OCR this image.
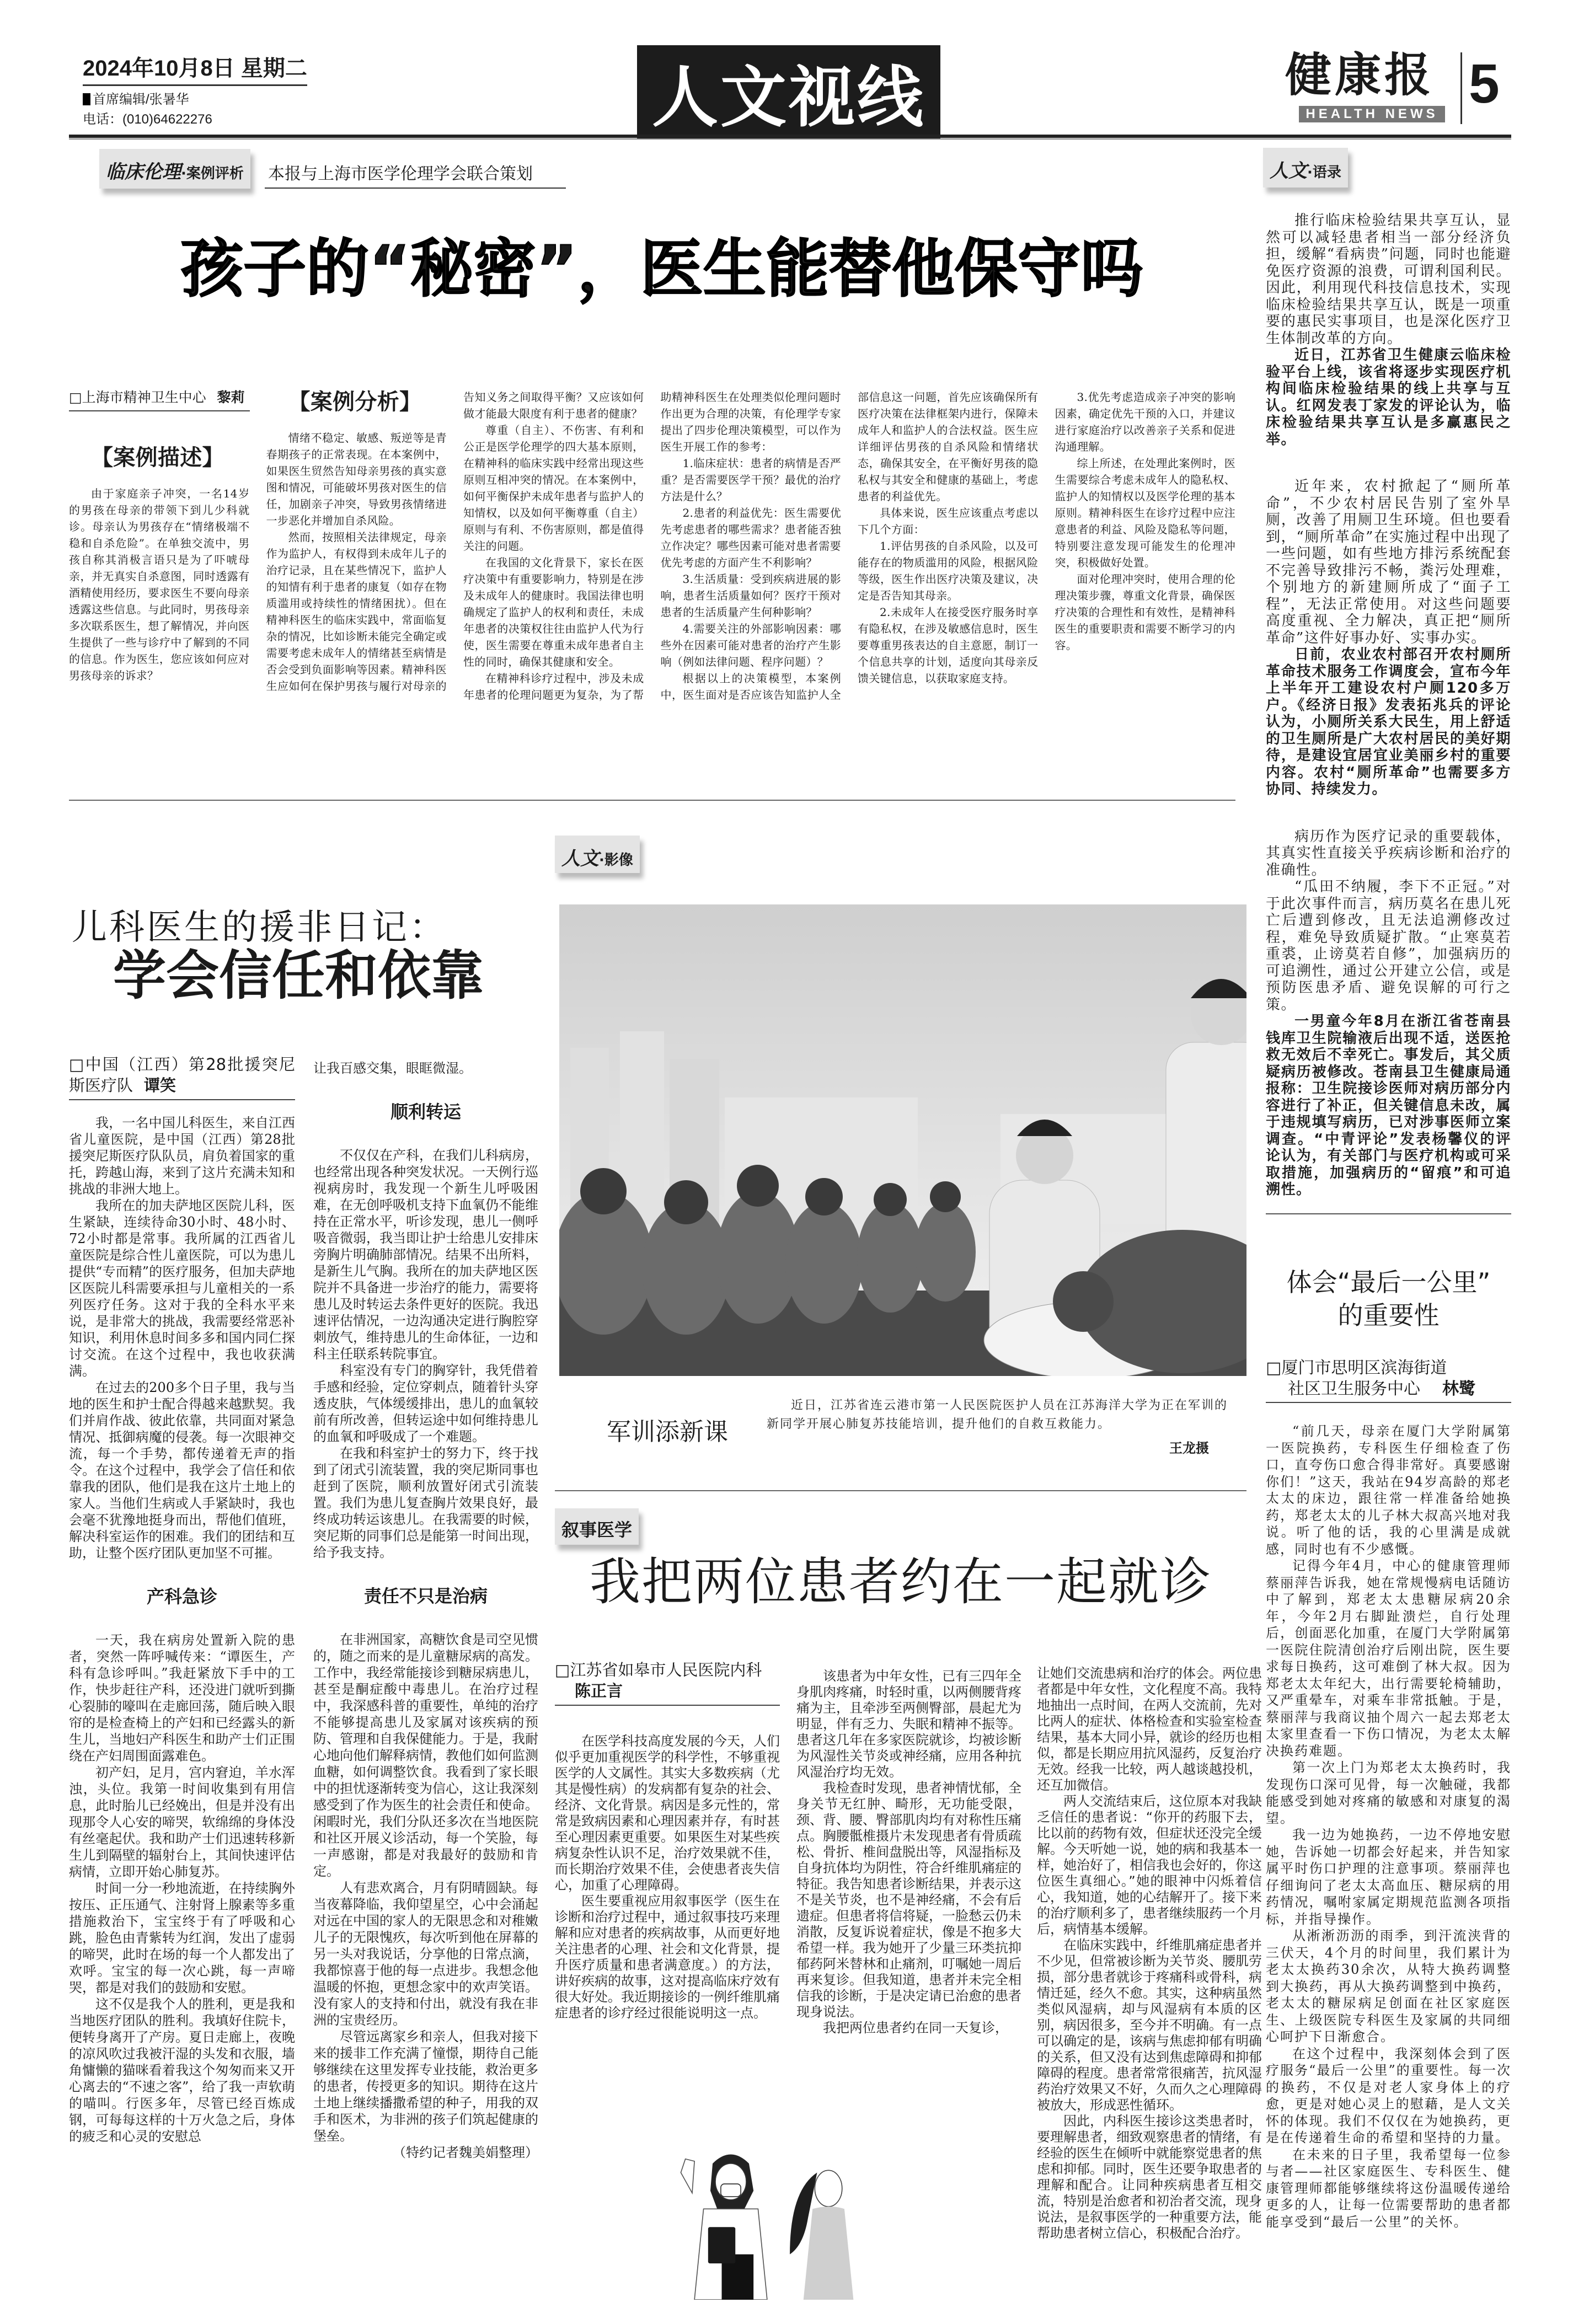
2024年10月8日 星期二
首席编辑/张暑华
电话：(010)64622276	人文视线	健康报
HEALTH NEWS 5
临床伦理·案例评析	本报与上海市医学伦理学会联合策划	人文·语录
孩子的“秘密”，医生能替他保守吗

□上海市精神卫生中心 黎莉

【案例描述】

由于家庭亲子冲突，一名14岁的男孩在母亲的带领下到儿少科就诊。母亲认为男孩存在“情绪极端不稳和自杀危险”。在单独交流中，男孩自称其消极言语只是为了吓唬母亲，并无真实自杀意图，同时透露有酒精使用经历，要求医生不要向母亲透露这些信息。与此同时，男孩母亲多次联系医生，想了解情况，并向医生提供了一些与诊疗中了解到的不同的信息。作为医生，您应该如何应对男孩母亲的诉求？

【案例分析】

情绪不稳定、敏感、叛逆等是青春期孩子的正常表现。在本案例中，如果医生贸然告知母亲男孩的真实意图和情况，可能破坏男孩对医生的信任，加剧亲子冲突，导致男孩情绪进一步恶化并增加自杀风险。

然而，按照相关法律规定，母亲作为监护人，有权得到未成年儿子的治疗记录，且在某些情况下，监护人的知情有利于患者的康复（如存在物质滥用或持续性的情绪困扰）。但在精神科医生的临床实践中，常面临复杂的情况，比如诊断未能完全确定或需要考虑未成年人的情绪甚至病情是否会受到负面影响等因素。精神科医生应如何在保护男孩与履行对母亲的告知义务之间取得平衡？又应该如何做才能最大限度有利于患者的健康？

尊重（自主）、不伤害、有利和公正是医学伦理学的四大基本原则，在精神科的临床实践中经常出现这些原则互相冲突的情况。在本案例中，如何平衡保护未成年患者与监护人的知情权，以及如何平衡尊重（自主）原则与有利、不伤害原则，都是值得关注的问题。

在我国的文化背景下，家长在医疗决策中有重要影响力，特别是在涉及未成年人的健康时。我国法律也明确规定了监护人的权利和责任，未成年患者的决策权往往由监护人代为行使，医生需要在尊重未成年患者自主性的同时，确保其健康和安全。

在精神科诊疗过程中，涉及未成年患者的伦理问题更为复杂，为了帮助精神科医生在处理类似伦理问题时作出更为合理的决策，有伦理学专家提出了四步伦理决策模型，可以作为医生开展工作的参考：

1.临床症状：患者的病情是否严重？是否需要医学干预？最优的治疗方法是什么？

2.患者的利益优先：医生需要优先考虑患者的哪些需求？患者能否独立作决定？哪些因素可能对患者需要优先考虑的方面产生不利影响？

3.生活质量：受到疾病进展的影响，患者生活质量如何？医疗干预对患者的生活质量产生何种影响？

4.需要关注的外部影响因素：哪些外在因素可能对患者的治疗产生影响（例如法律问题、程序问题）？

根据以上的决策模型，本案例中，医生面对是否应该告知监护人全部信息这一问题，首先应该确保所有医疗决策在法律框架内进行，保障未成年人和监护人的合法权益。医生应详细评估男孩的自杀风险和情绪状态，确保其安全，在平衡好男孩的隐私权与其安全和健康的基础上，考虑患者的利益优先。

具体来说，医生应该重点考虑以下几个方面：

1.评估男孩的自杀风险，以及可能存在的物质滥用的风险，根据风险等级，医生作出医疗决策及建议，决定是否告知其母亲。

2.未成年人在接受医疗服务时享有隐私权，在涉及敏感信息时，医生要尊重男孩表达的自主意愿，制订一个信息共享的计划，适度向其母亲反馈关键信息，以获取家庭支持。

3.优先考虑造成亲子冲突的影响因素，确定优先干预的入口，并建议进行家庭治疗以改善亲子关系和促进沟通理解。

综上所述，在处理此案例时，医生需要综合考虑未成年人的隐私权、监护人的知情权以及医学伦理的基本原则。精神科医生在诊疗过程中应注意患者的利益、风险及隐私等问题，特别要注意发现可能发生的伦理冲突，积极做好处置。

面对伦理冲突时，使用合理的伦理决策步骤，尊重文化背景，确保医疗决策的合理性和有效性，是精神科医生的重要职责和需要不断学习的内容。

推行临床检验结果共享互认，显然可以减轻患者相当一部分经济负担，缓解“看病贵”问题，同时也能避免医疗资源的浪费，可谓利国利民。因此，利用现代科技信息技术，实现临床检验结果共享互认，既是一项重要的惠民实事项目，也是深化医疗卫生体制改革的方向。

近日，江苏省卫生健康云临床检验平台上线，该省将逐步实现医疗机构间临床检验结果的线上共享与互认。红网发表丁家发的评论认为，临床检验结果共享互认是多赢惠民之举。

近年来，农村掀起了“厕所革命”，不少农村居民告别了室外旱厕，改善了用厕卫生环境。但也要看到，“厕所革命”在实施过程中出现了一些问题，如有些地方排污系统配套不完善导致排污不畅，粪污处理难，个别地方的新建厕所成了“面子工程”，无法正常使用。对这些问题要高度重视、全力解决，真正把“厕所革命”这件好事办好、实事办实。

日前，农业农村部召开农村厕所革命技术服务工作调度会，宣布今年上半年开工建设农村户厕120多万户。《经济日报》发表拓兆兵的评论认为，小厕所关系大民生，用上舒适的卫生厕所是广大农村居民的美好期待，是建设宜居宜业美丽乡村的重要内容。农村“厕所革命”也需要多方协同、持续发力。

病历作为医疗记录的重要载体，其真实性直接关乎疾病诊断和治疗的准确性。

“瓜田不纳履，李下不正冠。”对于此次事件而言，病历莫名在患儿死亡后遭到修改，且无法追溯修改过程，难免导致质疑扩散。“止寒莫若重裘，止谤莫若自修”，加强病历的可追溯性，通过公开建立公信，或是预防医患矛盾、避免误解的可行之策。

一男童今年8月在浙江省苍南县钱库卫生院输液后出现不适，送医抢救无效后不幸死亡。事发后，其父质疑病历被修改。苍南县卫生健康局通报称：卫生院接诊医师对病历部分内容进行了补正，但关键信息未改，属于违规填写病历，已对涉事医师立案调查。“中青评论”发表杨馨仪的评论认为，有关部门与医疗机构或可采取措施，加强病历的“留痕”和可追溯性。

体会“最后一公里”
的重要性
□厦门市思明区滨海街道
社区卫生服务中心 林鹭

“前几天，母亲在厦门大学附属第一医院换药，专科医生仔细检查了伤口，直夸伤口愈合得非常好。真要感谢你们！”这天，我站在94岁高龄的郑老太太的床边，跟往常一样准备给她换药，郑老太太的儿子林大叔高兴地对我说。听了他的话，我的心里满是成就感，同时也有不少感慨。

记得今年4月，中心的健康管理师蔡丽萍告诉我，她在常规慢病电话随访中了解到，郑老太太患糖尿病20余年，今年2月右脚趾溃烂，自行处理后，创面恶化加重，在厦门大学附属第一医院住院清创治疗后刚出院，医生要求每日换药，这可难倒了林大叔。因为郑老太太年纪大，出行需要轮椅辅助，又严重晕车，对乘车非常抵触。于是，蔡丽萍与我商议抽个周六一起去郑老太太家里查看一下伤口情况，为老太太解决换药难题。

第一次上门为郑老太太换药时，我发现伤口深可见骨，每一次触碰，我都能感受到她对疼痛的敏感和对康复的渴望。

我一边为她换药，一边不停地安慰她，告诉她一切都会好起来，并告知家属平时伤口护理的注意事项。蔡丽萍也仔细询问了老太太高血压、糖尿病的用药情况，嘱咐家属定期规范监测各项指标，并指导操作。

从淅淅沥沥的雨季，到汗流浃背的三伏天，4个月的时间里，我们累计为老太太换药30余次，从特大换药调整到大换药，再从大换药调整到中换药，老太太的糖尿病足创面在社区家庭医生、上级医院专科医生及家属的共同细心呵护下日渐愈合。

在这个过程中，我深刻体会到了医疗服务“最后一公里”的重要性。每一次的换药，不仅是对老人家身体上的疗愈，更是对她心灵上的慰藉，是人文关怀的体现。我们不仅仅在为她换药，更是在传递着生命的希望和坚持的力量。

在未来的日子里，我希望每一位参与者——社区家庭医生、专科医生、健康管理师都能够继续将这份温暖传递给更多的人，让每一位需要帮助的患者都能享受到“最后一公里”的关怀。

儿科医生的援非日记：
学会信任和依靠

□中国（江西）第28批援突尼斯医疗队 谭笑

我，一名中国儿科医生，来自江西省儿童医院，是中国（江西）第28批援突尼斯医疗队队员，肩负着国家的重托，跨越山海，来到了这片充满未知和挑战的非洲大地上。

我所在的加夫萨地区医院儿科，医生紧缺，连续待命30小时、48小时、72小时都是常事。我所属的江西省儿童医院是综合性儿童医院，可以为患儿提供“专而精”的医疗服务，但加夫萨地区医院儿科需要承担与儿童相关的一系列医疗任务。这对于我的全科水平来说，是非常大的挑战，我需要经常恶补知识，利用休息时间多多和国内同仁探讨交流。在这个过程中，我也收获满满。

在过去的200多个日子里，我与当地的医生和护士配合得越来越默契。我们并肩作战、彼此依靠，共同面对紧急情况、抵御病魔的侵袭。每一次眼神交流，每一个手势，都传递着无声的指令。在这个过程中，我学会了信任和依靠我的团队，他们是我在这片土地上的家人。当他们生病或人手紧缺时，我也会毫不犹豫地挺身而出，帮他们值班，解决科室运作的困难。我们的团结和互助，让整个医疗团队更加坚不可摧。

产科急诊

一天，我在病房处置新入院的患者，突然一阵呼喊传来：“谭医生，产科有急诊呼叫。”我赶紧放下手中的工作，快步赶往产科，还没进门就听到撕心裂肺的嚎叫在走廊回荡，随后映入眼帘的是检查椅上的产妇和已经露头的新生儿，当地妇产科医生和助产士们正围绕在产妇周围面露难色。

初产妇，足月，宫内窘迫，羊水浑浊，头位。我第一时间收集到有用信息，此时胎儿已经娩出，但是并没有出现那令人心安的啼哭，软绵绵的身体没有丝毫起伏。我和助产士们迅速转移新生儿到隔壁的辐射台上，其间快速评估病情，立即开始心肺复苏。

时间一分一秒地流逝，在持续胸外按压、正压通气、注射肾上腺素等多重措施救治下，宝宝终于有了呼吸和心跳，脸色由青紫转为红润，发出了虚弱的啼哭，此时在场的每一个人都发出了欢呼。宝宝的每一次心跳，每一声啼哭，都是对我们的鼓励和安慰。

这不仅是我个人的胜利，更是我和当地医疗团队的胜利。我填好住院卡，便转身离开了产房。夏日走廊上，夜晚的凉风吹过我被汗湿的头发和衣服，墙角慵懒的猫咪看着我这个匆匆而来又开心离去的“不速之客”，给了我一声软萌的喵叫。行医多年，尽管已经百炼成钢，可每每这样的十万火急之后，身体的疲乏和心灵的安慰总

让我百感交集，眼眶微湿。

顺利转运

不仅仅在产科，在我们儿科病房，也经常出现各种突发状况。一天例行巡视病房时，我发现一个新生儿呼吸困难，在无创呼吸机支持下血氧仍不能维持在正常水平，听诊发现，患儿一侧呼吸音微弱，我当即让护士给患儿安排床旁胸片明确肺部情况。结果不出所料，是新生儿气胸。我所在的加夫萨地区医院并不具备进一步治疗的能力，需要将患儿及时转运去条件更好的医院。我迅速评估情况，一边沟通决定进行胸腔穿刺放气，维持患儿的生命体征，一边和科主任联系转院事宜。

科室没有专门的胸穿针，我凭借着手感和经验，定位穿刺点，随着针头穿透皮肤，气体缓缓排出，患儿的血氧较前有所改善，但转运途中如何维持患儿的血氧和呼吸成了一个难题。

在我和科室护士的努力下，终于找到了闭式引流装置，我的突尼斯同事也赶到了医院，顺利放置好闭式引流装置。我们为患儿复查胸片效果良好，最终成功转运该患儿。在我需要的时候，突尼斯的同事们总是能第一时间出现，给予我支持。

责任不只是治病

在非洲国家，高糖饮食是司空见惯的，随之而来的是儿童糖尿病的高发。工作中，我经常能接诊到糖尿病患儿，甚至是酮症酸中毒患儿。在治疗过程中，我深感科普的重要性，单纯的治疗不能够提高患儿及家属对该疾病的预防、管理和自我保健能力。于是，我耐心地向他们解释病情，教他们如何监测血糖，如何调整饮食。我看到了家长眼中的担忧逐渐转变为信心，这让我深刻感受到了作为医生的社会责任和使命。闲暇时光，我们分队还多次在当地医院和社区开展义诊活动，每一个笑脸，每一声感谢，都是对我最好的鼓励和肯定。

人有悲欢离合，月有阴晴圆缺。每当夜幕降临，我仰望星空，心中会涌起对远在中国的家人的无限思念和对稚嫩儿子的无限愧疚，每次听到他在屏幕的另一头对我说话，分享他的日常点滴，我都惊喜于他的每一点进步。我想念他温暖的怀抱，更想念家中的欢声笑语。没有家人的支持和付出，就没有我在非洲的宝贵经历。

尽管远离家乡和亲人，但我对接下来的援非工作充满了憧憬，期待自己能够继续在这里发挥专业技能，救治更多的患者，传授更多的知识。期待在这片土地上继续播撒希望的种子，用我的双手和医术，为非洲的孩子们筑起健康的堡垒。

（特约记者魏美娟整理）

人文·影像
军训添新课
近日，江苏省连云港市第一人民医院医护人员在江苏海洋大学为正在军训的新同学开展心肺复苏技能培训，提升他们的自救互救能力。
王龙摄
叙事医学
我把两位患者约在一起就诊

□江苏省如皋市人民医院内科
陈正言

在医学科技高度发展的今天，人们似乎更加重视医学的科学性，不够重视医学的人文属性。其实大多数疾病（尤其是慢性病）的发病都有复杂的社会、经济、文化背景。病因是多元性的，常常是致病因素和心理因素并存，有时甚至心理因素更重要。如果医生对某些疾病复杂性认识不足，治疗效果就不佳，而长期治疗效果不佳，会使患者丧失信心，加重了心理障碍。

医生要重视应用叙事医学（医生在诊断和治疗过程中，通过叙事技巧来理解和应对患者的疾病故事，从而更好地关注患者的心理、社会和文化背景，提升医疗质量和患者满意度。）的方法，讲好疾病的故事，这对提高临床疗效有很大好处。我近期接诊的一例纤维肌痛症患者的诊疗经过很能说明这一点。

该患者为中年女性，已有三四年全身肌肉疼痛，时轻时重，以两侧腰背疼痛为主，且牵涉至两侧臀部，晨起尤为明显，伴有乏力、失眠和精神不振等。患者这几年在多家医院就诊，均被诊断为风湿性关节炎或神经痛，应用各种抗风湿治疗均无效。

我检查时发现，患者神情忧郁，全身关节无红肿、畸形，无功能受限，颈、背、腰、臀部肌肉均有对称性压痛点。胸腰骶椎摄片未发现患者有骨质疏松、骨折、椎间盘脱出等，风湿指标及自身抗体均为阴性，符合纤维肌痛症的特征。我告知患者诊断结果，并表示这不是关节炎，也不是神经痛，不会有后遗症。但患者将信将疑，一脸愁云仍未消散，反复诉说着症状，像是不抱多大希望一样。我为她开了少量三环类抗抑郁药阿米替林和止痛剂，叮嘱她一周后再来复诊。但我知道，患者并未完全相信我的诊断，于是决定请已治愈的患者现身说法。

我把两位患者约在同一天复诊，

让她们交流患病和治疗的体会。两位患者都是中年女性，文化程度不高。我特地抽出一点时间，在两人交流前，先对比两人的症状、体格检查和实验室检查结果，基本大同小异，就诊的经历也相似，都是长期应用抗风湿药，反复治疗无效。经我一比较，两人越谈越投机，还互加微信。

两人交流结束后，这位原本对我缺乏信任的患者说：“你开的药服下去，比以前的药物有效，但症状还没完全缓解。今天听她一说，她的病和我基本一样，她治好了，相信我也会好的，你这位医生真细心。”她的眼神中闪烁着信心，我知道，她的心结解开了。接下来的治疗顺利多了，患者继续服药一个月后，病情基本缓解。

在临床实践中，纤维肌痛症患者并不少见，但常被诊断为关节炎、腰肌劳损，部分患者就诊于疼痛科或骨科，病情迁延，经久不愈。其实，这种病虽然类似风湿病，却与风湿病有本质的区别，病因很多，至今并不明确。有一点可以确定的是，该病与焦虑抑郁有明确的关系，但又没有达到焦虑障碍和抑郁障碍的程度。患者常常很痛苦，抗风湿药治疗效果又不好，久而久之心理障碍被放大，形成恶性循环。

因此，内科医生接诊这类患者时，要理解患者，细致观察患者的情绪，有经验的医生在倾听中就能察觉患者的焦虑和抑郁。同时，医生还要争取患者的理解和配合。让同种疾病患者互相交流，特别是治愈者和初治者交流，现身说法，是叙事医学的一种重要方法，能帮助患者树立信心，积极配合治疗。
